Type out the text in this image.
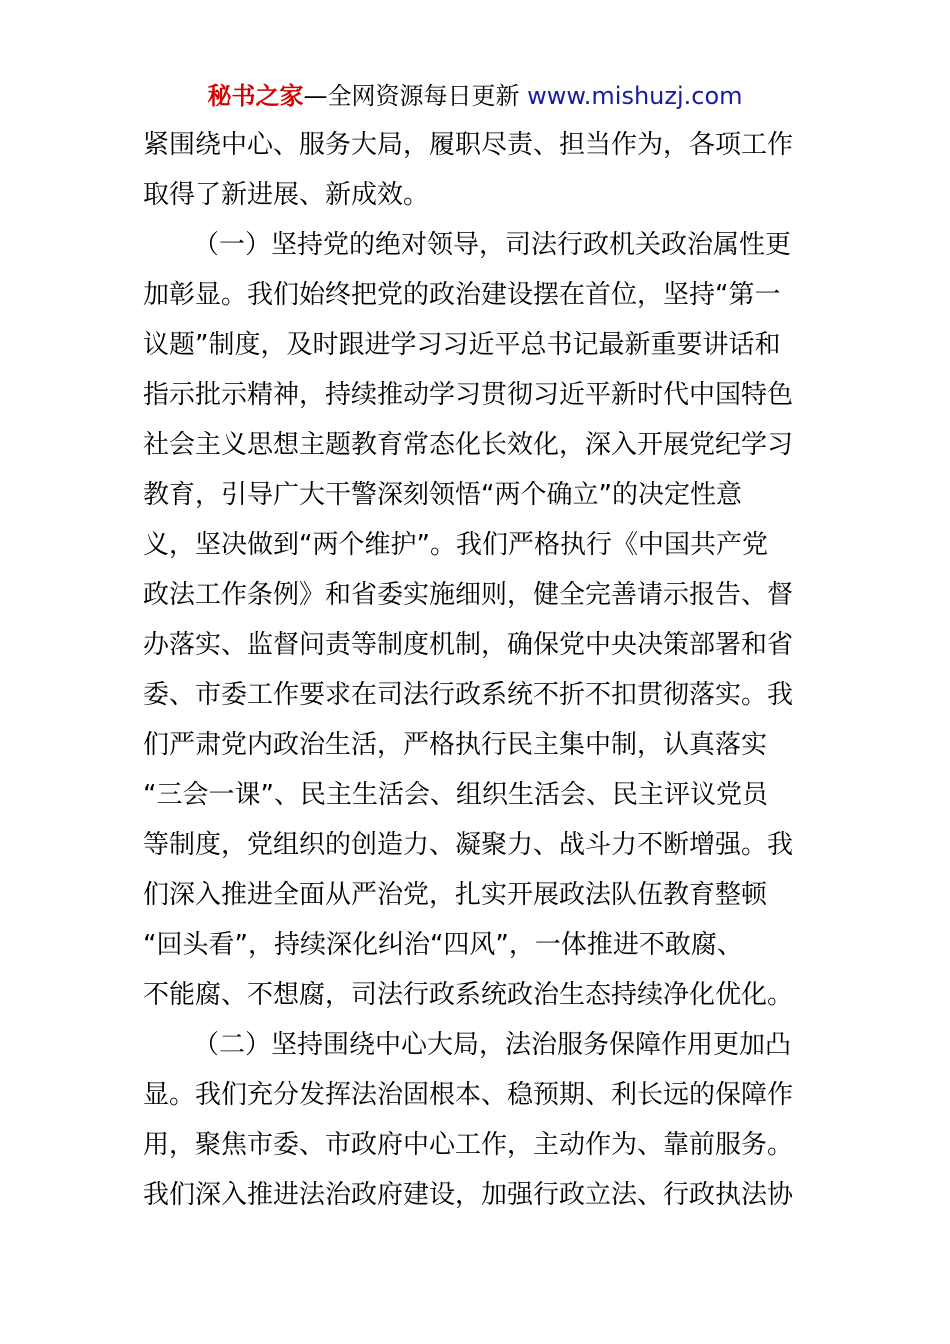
秘书之家—全网资源每日更新 www.mishuzj.com
紧围绕中心、服务大局，履职尽责、担当作为，各项工作
取得了新进展、新成效。
（一）坚持党的绝对领导，司法行政机关政治属性更
加彰显。我们始终把党的政治建设摆在首位，坚持“第一
议题”制度，及时跟进学习习近平总书记最新重要讲话和
指示批示精神，持续推动学习贯彻习近平新时代中国特色
社会主义思想主题教育常态化长效化，深入开展党纪学习
教育，引导广大干警深刻领悟“两个确立”的决定性意
义，坚决做到“两个维护”。我们严格执行《中国共产党
政法工作条例》和省委实施细则，健全完善请示报告、督
办落实、监督问责等制度机制，确保党中央决策部署和省
委、市委工作要求在司法行政系统不折不扣贯彻落实。我
们严肃党内政治生活，严格执行民主集中制，认真落实
“三会一课”、民主生活会、组织生活会、民主评议党员
等制度，党组织的创造力、凝聚力、战斗力不断增强。我
们深入推进全面从严治党，扎实开展政法队伍教育整顿
“回头看”，持续深化纠治“四风”，一体推进不敢腐、
不能腐、不想腐，司法行政系统政治生态持续净化优化。
（二）坚持围绕中心大局，法治服务保障作用更加凸
显。我们充分发挥法治固根本、稳预期、利长远的保障作
用，聚焦市委、市政府中心工作，主动作为、靠前服务。
我们深入推进法治政府建设，加强行政立法、行政执法协
